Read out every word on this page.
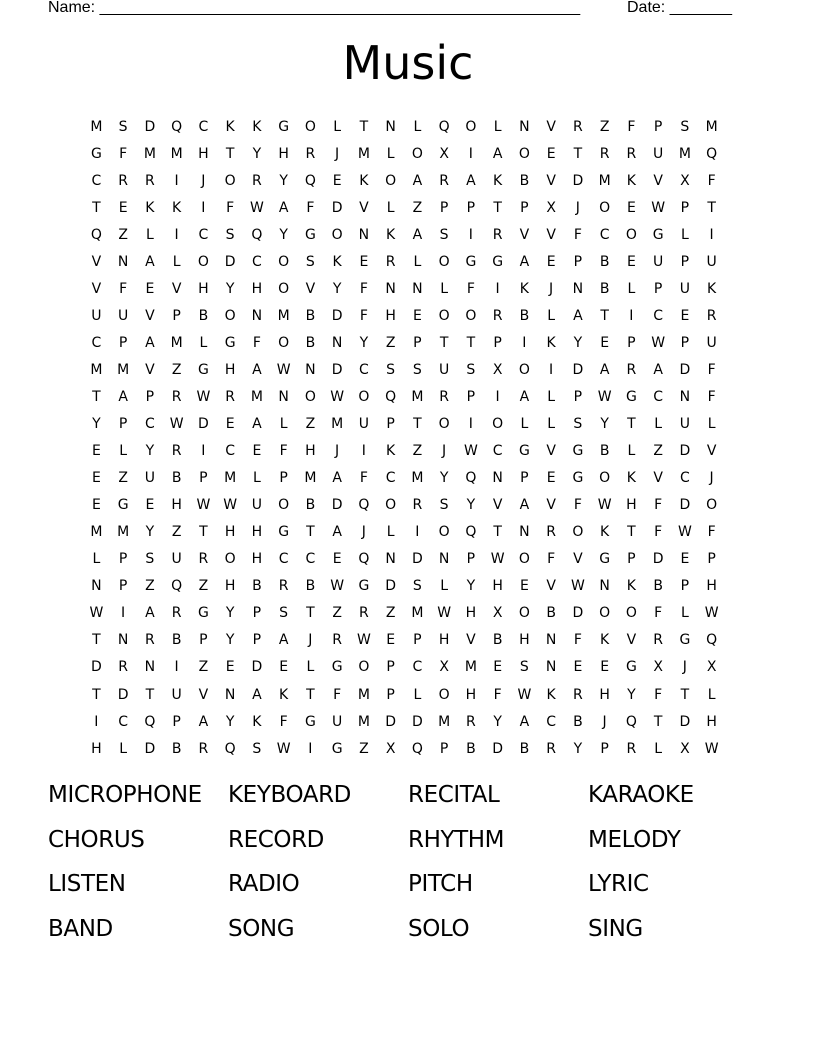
Name: ______________________________________________________	Date: _______
Music
M	S	D	Q	C	K	K	G	O	L	T	N	L	Q	O	L	N	V	R	Z	F	P	S	M
G	F	M	M	H	T	Y	H	R	J	M	L	O	X	I	A	O	E	T	R	R	U	M	Q
C	R	R	I	J	O	R	Y	Q	E	K	O	A	R	A	K	B	V	D	M	K	V	X	F
T	E	K	K	I	F	W	A	F	D	V	L	Z	P	P	T	P	X	J	O	E	W	P	T
Q	Z	L	I	C	S	Q	Y	G	O	N	K	A	S	I	R	V	V	F	C	O	G	L	I
V	N	A	L	O	D	C	O	S	K	E	R	L	O	G	G	A	E	P	B	E	U	P	U
V	F	E	V	H	Y	H	O	V	Y	F	N	N	L	F	I	K	J	N	B	L	P	U	K
U	U	V	P	B	O	N	M	B	D	F	H	E	O	O	R	B	L	A	T	I	C	E	R
C	P	A	M	L	G	F	O	B	N	Y	Z	P	T	T	P	I	K	Y	E	P	W	P	U
M	M	V	Z	G	H	A	W	N	D	C	S	S	U	S	X	O	I	D	A	R	A	D	F
T	A	P	R	W	R	M	N	O	W	O	Q	M	R	P	I	A	L	P	W	G	C	N	F
Y	P	C	W	D	E	A	L	Z	M	U	P	T	O	I	O	L	L	S	Y	T	L	U	L
E	L	Y	R	I	C	E	F	H	J	I	K	Z	J	W	C	G	V	G	B	L	Z	D	V
E	Z	U	B	P	M	L	P	M	A	F	C	M	Y	Q	N	P	E	G	O	K	V	C	J
E	G	E	H	W W	U	O	B	D	Q	O	R	S	Y	V	A	V	F	W	H	F	D	O
M	M	Y	Z	T	H	H	G	T	A	J	L	I	O	Q	T	N	R	O	K	T	F	W	F
L	P	S	U	R	O	H	C	C	E	Q	N	D	N	P	W	O	F	V	G	P	D	E	P
N	P	Z	Q	Z	H	B	R	B	W	G	D	S	L	Y	H	E	V	W	N	K	B	P	H
W	I	A	R	G	Y	P	S	T	Z	R	Z	M W	H	X	O	B	D	O	O	F	L	W
T	N	R	B	P	Y	P	A	J	R	W	E	P	H	V	B	H	N	F	K	V	R	G	Q
D	R	N	I	Z	E	D	E	L	G	O	P	C	X	M	E	S	N	E	E	G	X	J	X
T	D	T	U	V	N	A	K	T	F	M	P	L	O	H	F	W	K	R	H	Y	F	T	L
I	C	Q	P	A	Y	K	F	G	U	M	D	D	M	R	Y	A	C	B	J	Q	T	D	H
H	L	D	B	R	Q	S	W	I	G	Z	X	Q	P	B	D	B	R	Y	P	R	L	X	W
MICROPHONE	KEYBOARD	RECITAL	KARAOKE
CHORUS	RECORD	RHYTHM	MELODY
LISTEN	RADIO	PITCH	LYRIC
BAND	SONG	SOLO	SING
